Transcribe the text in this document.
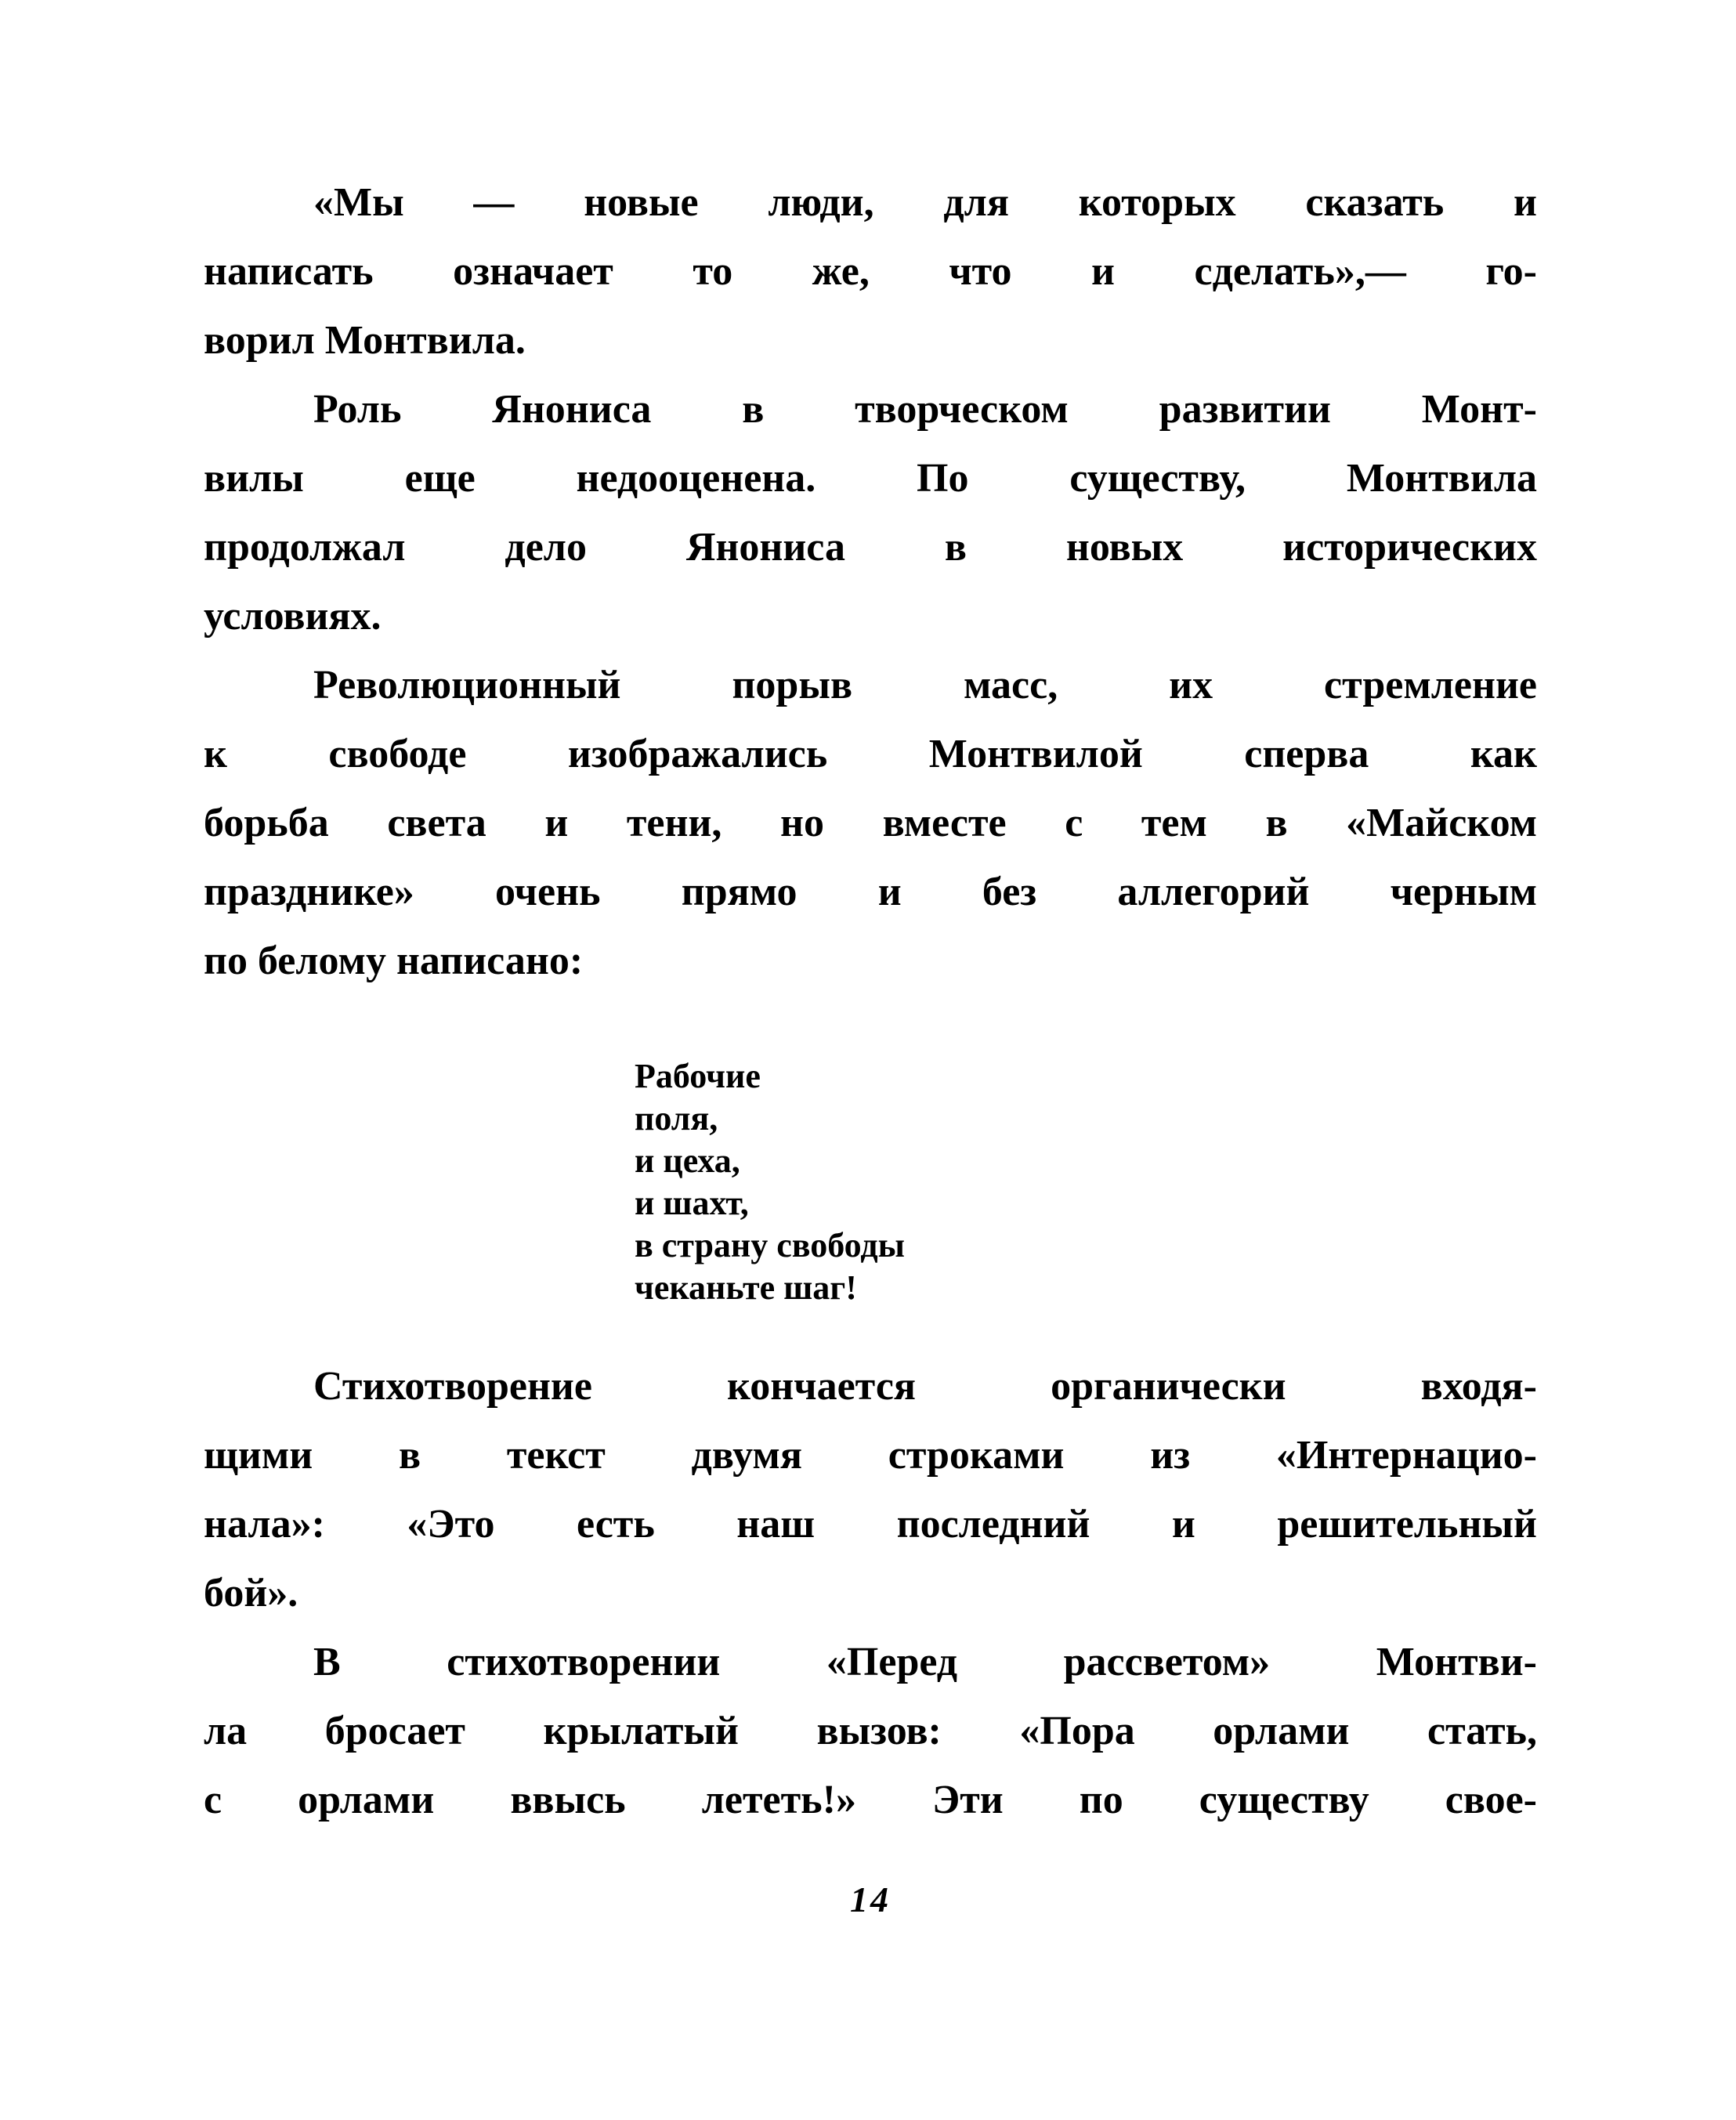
«Мы — новые люди, для которых сказать и

написать означает то же, что и сделать»,— го-

ворил Монтвила.

Роль Янониса в творческом развитии Монт-

вилы еще недооценена. По существу, Монтвила

продолжал дело Янониса в новых исторических

условиях.

Революционный порыв масс, их стремление

к свободе изображались Монтвилой сперва как

борьба света и тени, но вместе с тем в «Майском

празднике» очень прямо и без аллегорий черным

по белому написано:

Рабочие

поля,

и цеха,

и шахт,

в страну свободы

чеканьте шаг!

Стихотворение кончается органически входя-

щими в текст двумя строками из «Интернацио-

нала»: «Это есть наш последний и решительный

бой».

В стихотворении «Перед рассветом» Монтви-

ла бросает крылатый вызов: «Пора орлами стать,

с орлами ввысь лететь!» Эти по существу свое-

14
